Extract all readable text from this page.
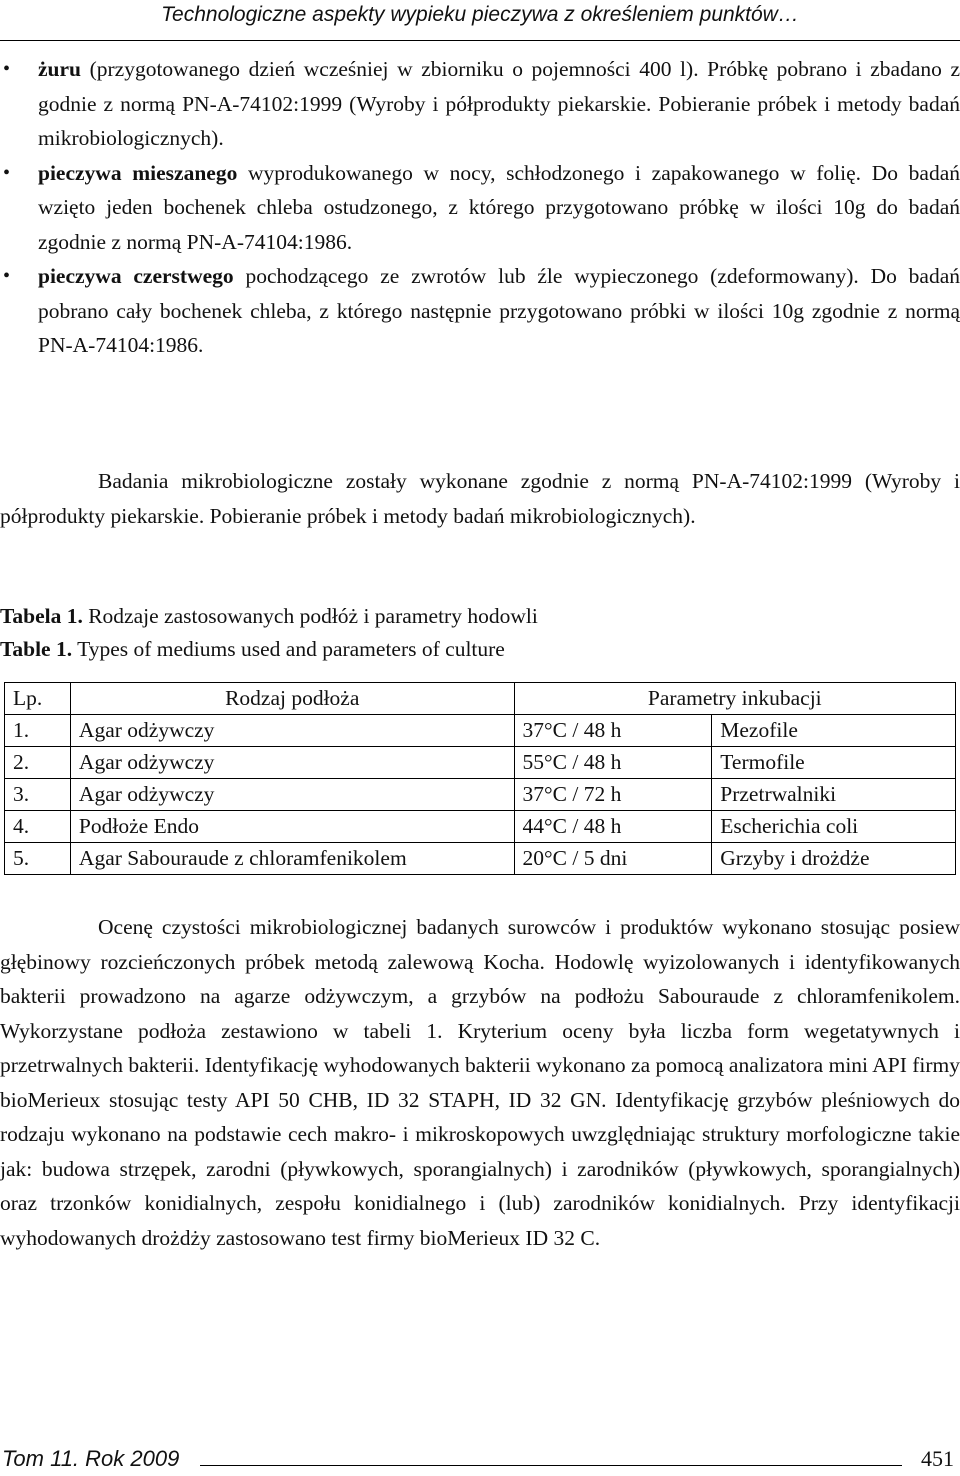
Technologiczne aspekty wypieku pieczywa z określeniem punktów…
• żuru (przygotowanego dzień wcześniej w zbiorniku o pojemności 400 l). Próbkę pobrano i zbadano z godnie z normą PN-A-74102:1999 (Wyroby i półprodukty piekarskie. Pobieranie próbek i metody badań mikrobiologicznych).
• pieczywa mieszanego wyprodukowanego w nocy, schłodzonego i zapakowanego w folię. Do badań wzięto jeden bochenek chleba ostudzonego, z którego przygotowano próbkę w ilości 10g do badań zgodnie z normą PN-A-74104:1986.
• pieczywa czerstwego pochodzącego ze zwrotów lub źle wypieczonego (zdeformowany). Do badań pobrano cały bochenek chleba, z którego następnie przygotowano próbki w ilości 10g zgodnie z normą PN-A-74104:1986.

Badania mikrobiologiczne zostały wykonane zgodnie z normą PN-A-74102:1999 (Wyroby i półprodukty piekarskie. Pobieranie próbek i metody badań mikrobiologicznych).

Tabela 1. Rodzaje zastosowanych podłóż i parametry hodowli
Table 1. Types of mediums used and parameters of culture
Lp.	Rodzaj podłoża	Parametry inkubacji	
1.	Agar odżywczy	37°C / 48 h	Mezofile
2.	Agar odżywczy	55°C / 48 h	Termofile
3.	Agar odżywczy	37°C / 72 h	Przetrwalniki
4.	Podłoże Endo	44°C / 48 h	Escherichia coli
5.	Agar Sabouraude z chloramfenikolem	20°C / 5 dni	Grzyby i drożdże

Ocenę czystości mikrobiologicznej badanych surowców i produktów wykonano stosując posiew głębinowy rozcieńczonych próbek metodą zalewową Kocha. Hodowlę wyizolowanych i identyfikowanych bakterii prowadzono na agarze odżywczym, a grzybów na podłożu Sabouraude z chloramfenikolem. Wykorzystane podłoża zestawiono w tabeli 1. Kryterium oceny była liczba form wegetatywnych i przetrwalnych bakterii. Identyfikację wyhodowanych bakterii wykonano za pomocą analizatora mini API firmy bioMerieux stosując testy API 50 CHB, ID 32 STAPH, ID 32 GN. Identyfikację grzybów pleśniowych do rodzaju wykonano na podstawie cech makro- i mikroskopowych uwzględniając struktury morfologiczne takie jak: budowa strzępek, zarodni (pływkowych, sporangialnych) i zarodników (pływkowych, sporangialnych) oraz trzonków konidialnych, zespołu konidialnego i (lub) zarodników konidialnych. Przy identyfikacji wyhodowanych drożdży zastosowano test firmy bioMerieux ID 32 C.

Tom 11. Rok 2009	451
